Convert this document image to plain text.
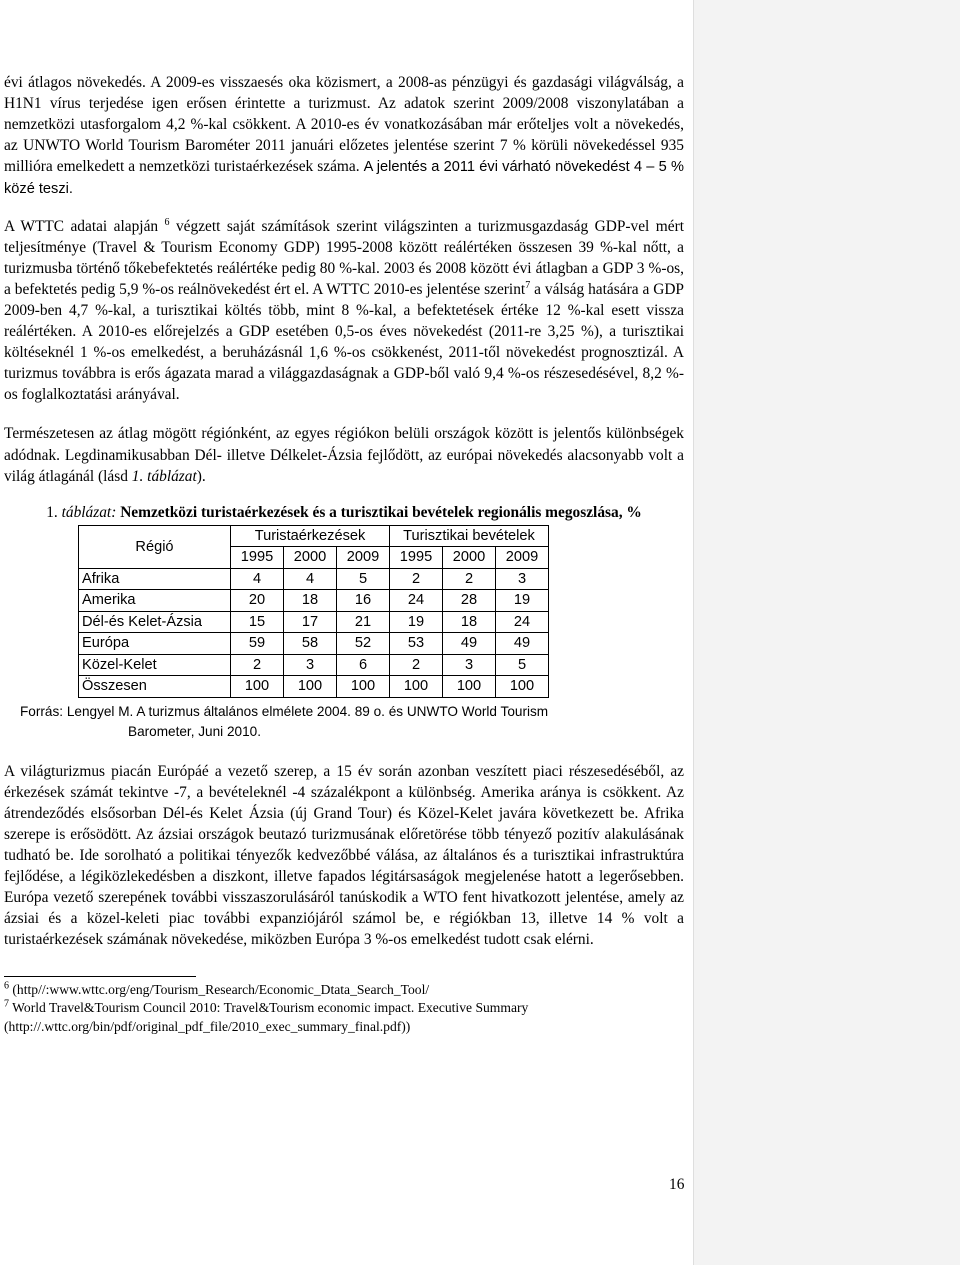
évi átlagos növekedés. A 2009-es visszaesés oka közismert, a 2008-as pénzügyi és gazdasági világválság, a H1N1 vírus terjedése igen erősen érintette a turizmust. Az adatok szerint 2009/2008 viszonylatában a nemzetközi utasforgalom 4,2 %-kal csökkent. A 2010-es év vonatkozásában már erőteljes volt a növekedés, az UNWTO World Tourism Barométer 2011 januári előzetes jelentése szerint 7 % körüli növekedéssel 935 millióra emelkedett a nemzetközi turistaérkezések száma. A jelentés a 2011 évi várható növekedést 4 – 5 % közé teszi.

A WTTC adatai alapján $^6$ végzett saját számítások szerint világszinten a turizmusgazdaság GDP-vel mért teljesítménye (Travel & Tourism Economy GDP) 1995-2008 között reálértéken összesen 39 %-kal nőtt, a turizmusba történő tőkebefektetés reálértéke pedig 80 %-kal. 2003 és 2008 között évi átlagban a GDP 3 %-os, a befektetés pedig 5,9 %-os reálnövekedést ért el. A WTTC 2010-es jelentése szerint$^7$ a válság hatására a GDP 2009-ben 4,7 %-kal, a turisztikai költés több, mint 8 %-kal, a befektetések értéke 12 %-kal esett vissza reálértéken. A 2010-es előrejelzés a GDP esetében 0,5-os éves növekedést (2011-re 3,25 %), a turisztikai költéseknél 1 %-os emelkedést, a beruházásnál 1,6 %-os csökkenést, 2011-től növekedést prognosztizál. A turizmus továbbra is erős ágazata marad a világgazdaságnak a GDP-ből való 9,4 %-os részesedésével, 8,2 %-os foglalkoztatási arányával.

Természetesen az átlag mögött régiónként, az egyes régiókon belüli országok között is jelentős különbségek adódnak. Legdinamikusabban Dél- illetve Délkelet-Ázsia fejlődött, az európai növekedés alacsonyabb volt a világ átlagánál (lásd 1. táblázat).

1. táblázat: Nemzetközi turistaérkezések és a turisztikai bevételek regionális megoszlása, %
Régió	Turistaérkezések			Turisztikai bevételek		
	1995	2000	2009	1995	2000	2009
Afrika	4	4	5	2	2	3
Amerika	20	18	16	24	28	19
Dél-és Kelet-Ázsia	15	17	21	19	18	24
Európa	59	58	52	53	49	49
Közel-Kelet	2	3	6	2	3	5
Összesen	100	100	100	100	100	100
Forrás: Lengyel M. A turizmus általános elmélete 2004. 89 o. és UNWTO World Tourism
Barometer, Juni 2010.

A világturizmus piacán Európáé a vezető szerep, a 15 év során azonban veszített piaci részesedéséből, az érkezések számát tekintve -7, a bevételeknél -4 százalékpont a különbség. Amerika aránya is csökkent. Az átrendeződés elsősorban Dél-és Kelet Ázsia (új Grand Tour) és Közel-Kelet javára következett be. Afrika szerepe is erősödött. Az ázsiai országok beutazó turizmusának előretörése több tényező pozitív alakulásának tudható be. Ide sorolható a politikai tényezők kedvezőbbé válása, az általános és a turisztikai infrastruktúra fejlődése, a légiközlekedésben a diszkont, illetve fapados légitársaságok megjelenése hatott a legerősebben. Európa vezető szerepének további visszaszorulásáról tanúskodik a WTO fent hivatkozott jelentése, amely az ázsiai és a közel-keleti piac további expanziójáról számol be, e régiókban 13, illetve 14 % volt a turistaérkezések számának növekedése, miközben Európa 3 %-os emelkedést tudott csak elérni.

$^6$ (http//:www.wttc.org/eng/Tourism_Research/Economic_Dtata_Search_Tool/
$^7$ World Travel&Tourism Council 2010: Travel&Tourism economic impact. Executive Summary (http://.wttc.org/bin/pdf/original_pdf_file/2010_exec_summary_final.pdf))
16
